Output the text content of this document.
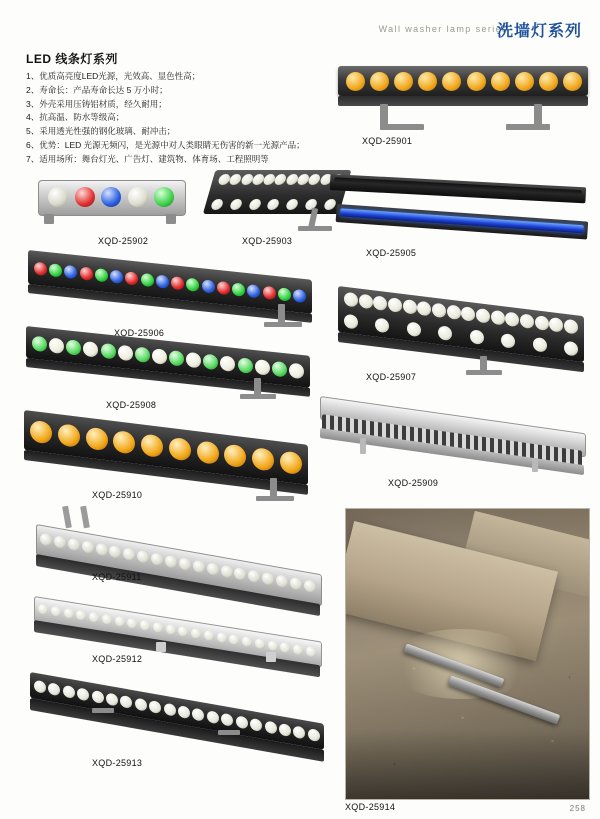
Wall washer lamp series
洗墙灯系列
LED 线条灯系列
1、优质高亮度LED光源，光效高、显色性高；
2、寿命长：产品寿命长达 5 万小时；
3、外壳采用压铸铝材质，经久耐用；
4、抗高温、防水等级高；
5、采用透光性强的钢化玻璃、耐冲击；
6、优势：LED 光源无频闪，是光源中对人类眼睛无伤害的新一光源产品；
7、适用场所：舞台灯光、广告灯、建筑物、体育场、工程照明等
XQD-25901
XQD-25902	XQD-25903
XQD-25905
XQD-25906
XQD-25907
XQD-25908
XQD-25909
XQD-25910
XQD-25911
XQD-25912
XQD-25913
XQD-25914	258
